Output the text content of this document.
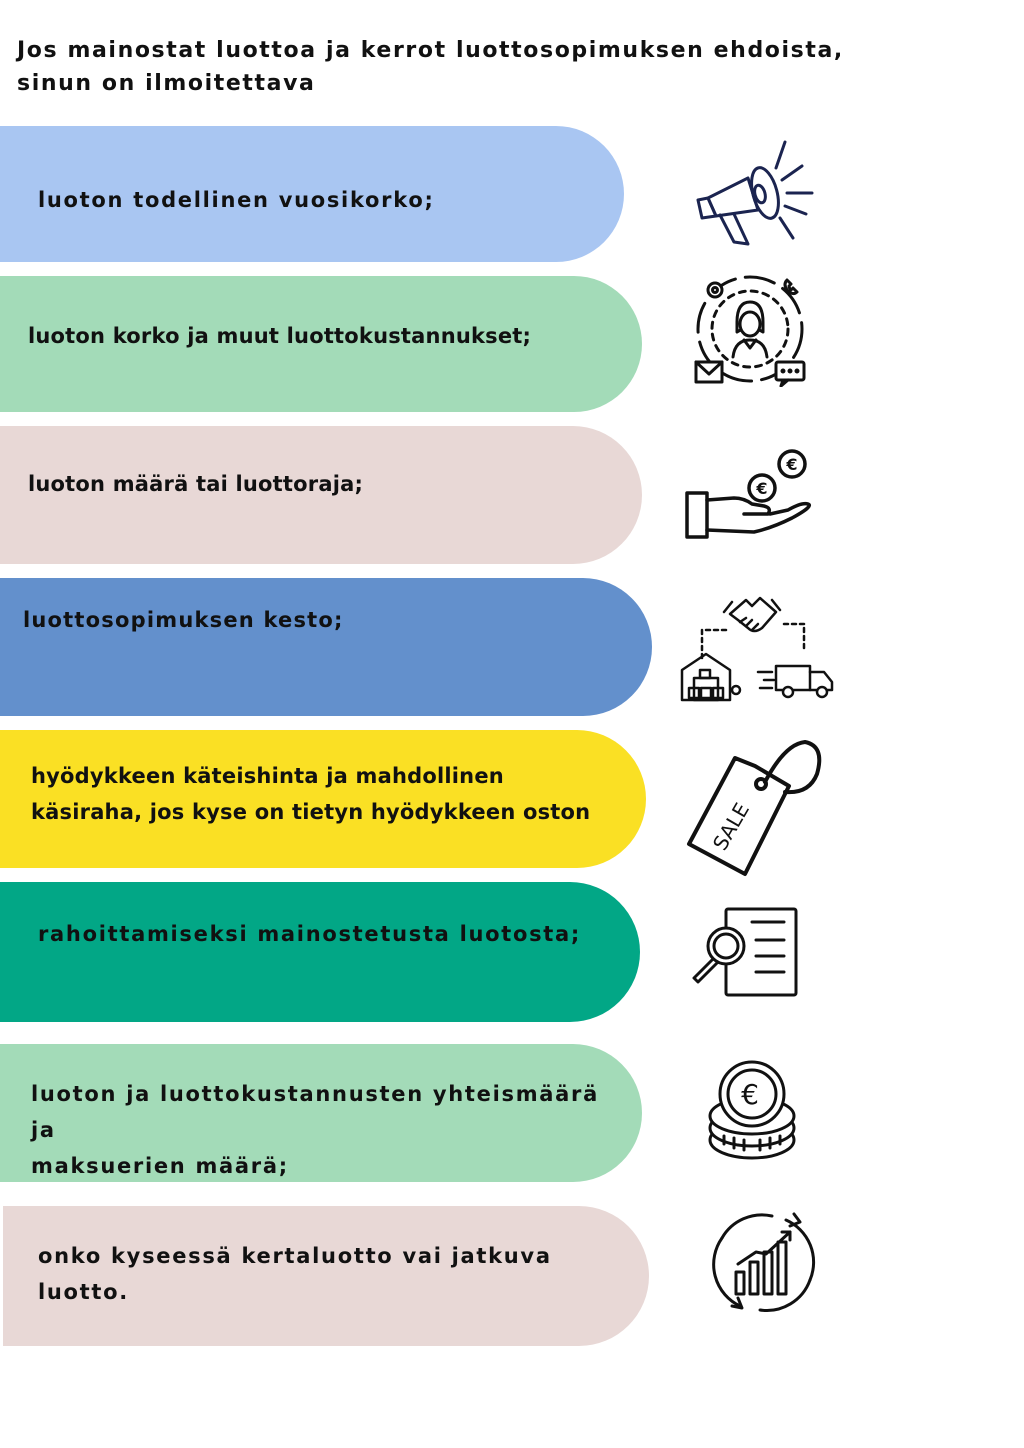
Jos mainostat luottoa ja kerrot luottosopimuksen ehdoista,
sinun on ilmoitettava
luoton todellinen vuosikorko;
luoton korko ja muut luottokustannukset;
luoton määrä tai luottoraja;	€
€
luottosopimuksen kesto;
hyödykkeen käteishinta ja mahdollinen
käsiraha, jos kyse on tietyn hyödykkeen oston	SALE
rahoittamiseksi mainostetusta luotosta;
luoton ja luottokustannusten yhteismäärä ja
maksuerien määrä;
€
onko kyseessä kertaluotto vai jatkuva luotto.
